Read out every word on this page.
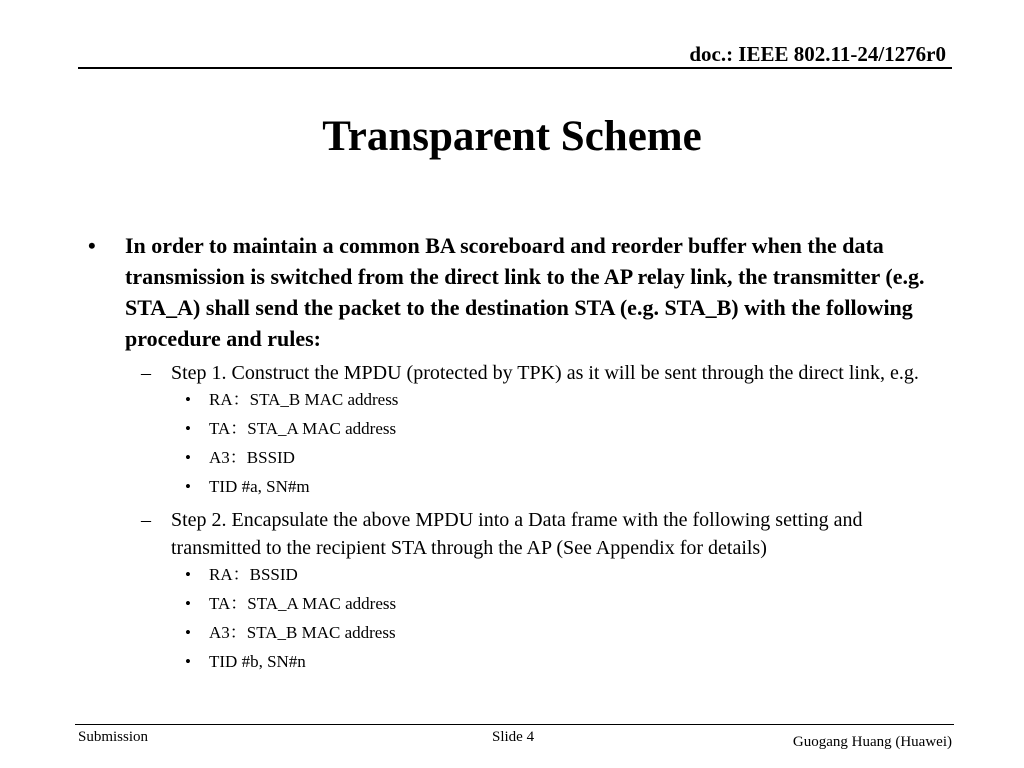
doc.: IEEE 802.11-24/1276r0
Transparent Scheme
• In order to maintain a common BA scoreboard and reorder buffer when the data transmission is switched from the direct link to the AP relay link, the transmitter (e.g. STA_A) shall send the packet to the destination STA (e.g. STA_B) with the following procedure and rules:
– Step 1. Construct the MPDU (protected by TPK) as it will be sent through the direct link, e.g.
• RA：STA_B MAC address
• TA：STA_A MAC address
• A3：BSSID
• TID #a, SN#m
– Step 2. Encapsulate the above MPDU into a Data frame with the following setting and transmitted to the recipient STA through the AP (See Appendix for details)
• RA：BSSID
• TA：STA_A MAC address
• A3：STA_B MAC address
• TID #b, SN#n
Submission	Slide 4	Guogang Huang (Huawei)
